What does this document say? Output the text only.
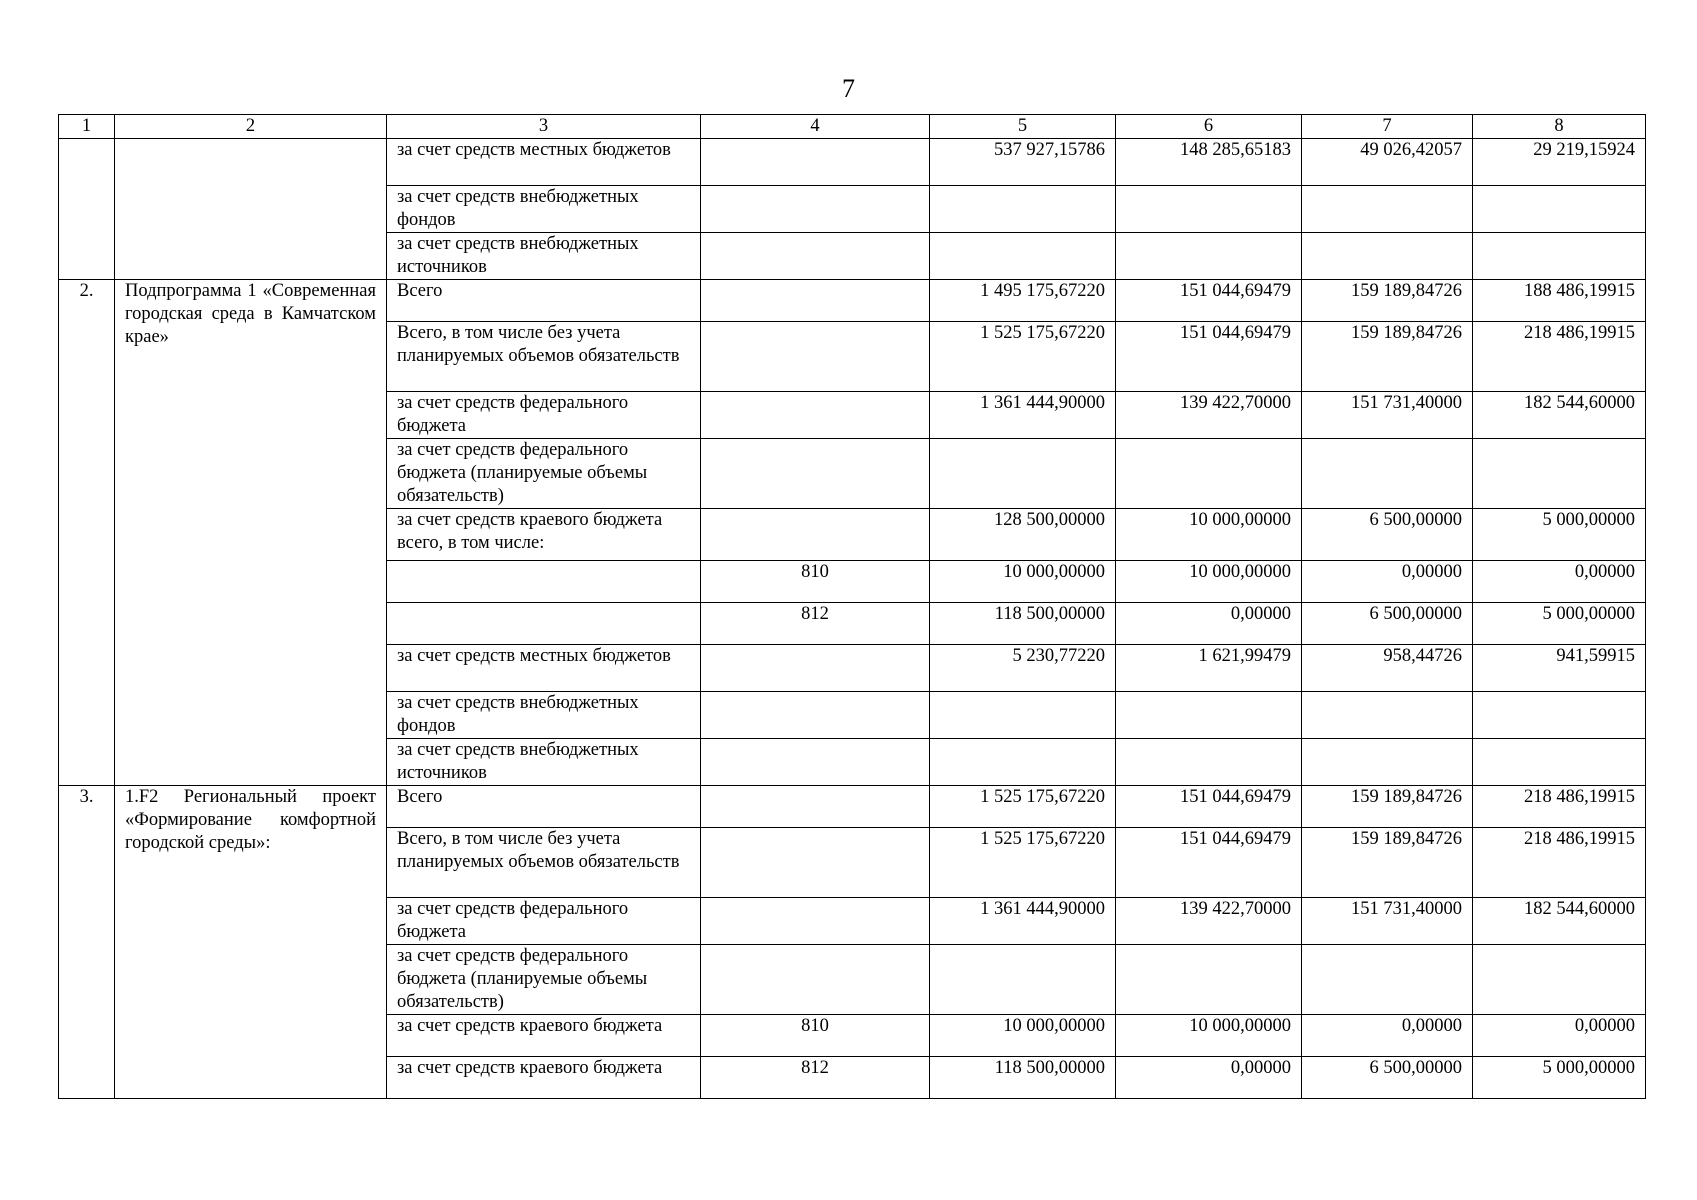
7
1	2	3	4	5	6	7	8
		за счет средств местных бюджетов		537 927,15786	148 285,65183	49 026,42057	29 219,15924
		за счет средств внебюджетных фондов					
		за счет средств внебюджетных источников					
2.	Подпрограмма 1 «Современная городская среда в Камчатском крае»	Всего		1 495 175,67220	151 044,69479	159 189,84726	188 486,19915
		Всего, в том числе без учета планируемых объемов обязательств		1 525 175,67220	151 044,69479	159 189,84726	218 486,19915
		за счет средств федерального бюджета		1 361 444,90000	139 422,70000	151 731,40000	182 544,60000
		за счет средств федерального бюджета (планируемые объемы обязательств)					
		за счет средств краевого бюджета всего, в том числе:		128 500,00000	10 000,00000	6 500,00000	5 000,00000
			810	10 000,00000	10 000,00000	0,00000	0,00000
			812	118 500,00000	0,00000	6 500,00000	5 000,00000
		за счет средств местных бюджетов		5 230,77220	1 621,99479	958,44726	941,59915
		за счет средств внебюджетных фондов					
		за счет средств внебюджетных источников					
3.	1.F2 Региональный проект «Формирование комфортной городской среды»:	Всего		1 525 175,67220	151 044,69479	159 189,84726	218 486,19915
		Всего, в том числе без учета планируемых объемов обязательств		1 525 175,67220	151 044,69479	159 189,84726	218 486,19915
		за счет средств федерального бюджета		1 361 444,90000	139 422,70000	151 731,40000	182 544,60000
		за счет средств федерального бюджета (планируемые объемы обязательств)					
		за счет средств краевого бюджета	810	10 000,00000	10 000,00000	0,00000	0,00000
		за счет средств краевого бюджета	812	118 500,00000	0,00000	6 500,00000	5 000,00000
